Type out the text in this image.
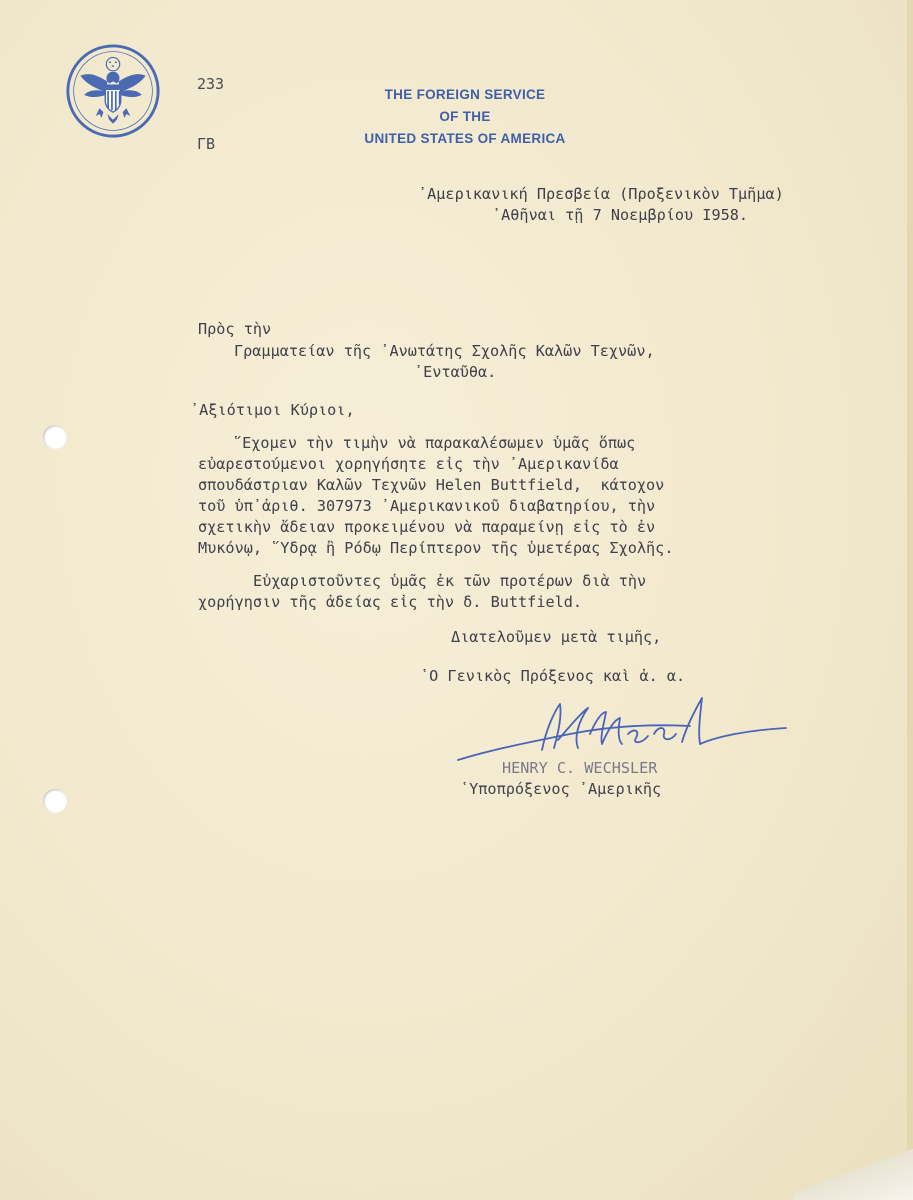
233

ΓΒ

THE FOREIGN SERVICE
OF THE
UNITED STATES OF AMERICA
᾽Αμερικανική Πρεσβεία (Προξενικὸν Τμῆμα)
᾽Αθῆναι τῇ 7 Νοεμβρίου Ι958.
Πρὸς τὴν
Γραμματείαν τῆς ᾽Ανωτάτης Σχολῆς Καλῶν Τεχνῶν,
᾽Ενταῦθα.
᾽Αξιότιμοι Κύριοι,
῞Εχομεν τὴν τιμὴν νὰ παρακαλέσωμεν ὑμᾶς ὅπως
εὐαρεστούμενοι χορηγήσητε εἰς τὴν ᾽Αμερικανίδα
σπουδάστριαν Καλῶν Τεχνῶν Helen Buttfield,  κάτοχον
τοῦ ὑπ᾽ἀριθ. 307973 ᾽Αμερικανικοῦ διαβατηρίου, τὴν
σχετικὴν ἄδειαν προκειμένου νὰ παραμείνῃ εἰς τὸ ἐν
Μυκόνῳ, ῞Υδρᾳ ἢ Ρόδῳ Περίπτερον τῆς ὑμετέρας Σχολῆς.
Εὐχαριστοῦντες ὑμᾶς ἐκ τῶν προτέρων διὰ τὴν
χορήγησιν τῆς ἀδείας εἰς τὴν δ. Buttfield.
Διατελοῦμεν μετὰ τιμῆς,
῾Ο Γενικὸς Πρόξενος καὶ ἁ. α.
HENRY C. WECHSLER
῾Υποπρόξενος ᾽Αμερικῆς
